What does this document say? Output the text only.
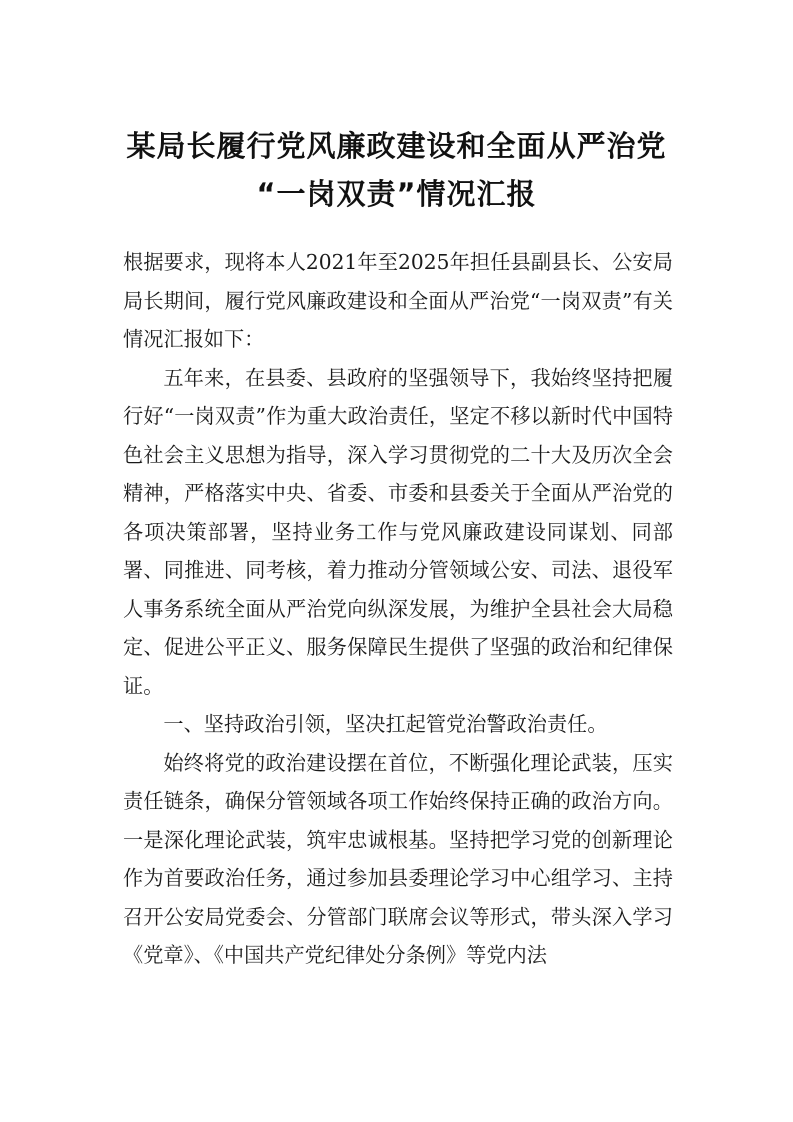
某局长履行党风廉政建设和全面从严治党
“一岗双责”情况汇报

根据要求，现将本人2021年至2025年担任县副县长、公安局局长期间，履行党风廉政建设和全面从严治党“一岗双责”有关情况汇报如下：

五年来，在县委、县政府的坚强领导下，我始终坚持把履行好“一岗双责”作为重大政治责任，坚定不移以新时代中国特色社会主义思想为指导，深入学习贯彻党的二十大及历次全会精神，严格落实中央、省委、市委和县委关于全面从严治党的各项决策部署，坚持业务工作与党风廉政建设同谋划、同部署、同推进、同考核，着力推动分管领域公安、司法、退役军人事务系统全面从严治党向纵深发展，为维护全县社会大局稳定、促进公平正义、服务保障民生提供了坚强的政治和纪律保证。

一、坚持政治引领，坚决扛起管党治警政治责任。

始终将党的政治建设摆在首位，不断强化理论武装，压实责任链条，确保分管领域各项工作始终保持正确的政治方向。一是深化理论武装，筑牢忠诚根基。坚持把学习党的创新理论作为首要政治任务，通过参加县委理论学习中心组学习、主持召开公安局党委会、分管部门联席会议等形式，带头深入学习《党章》、《中国共产党纪律处分条例》等党内法
